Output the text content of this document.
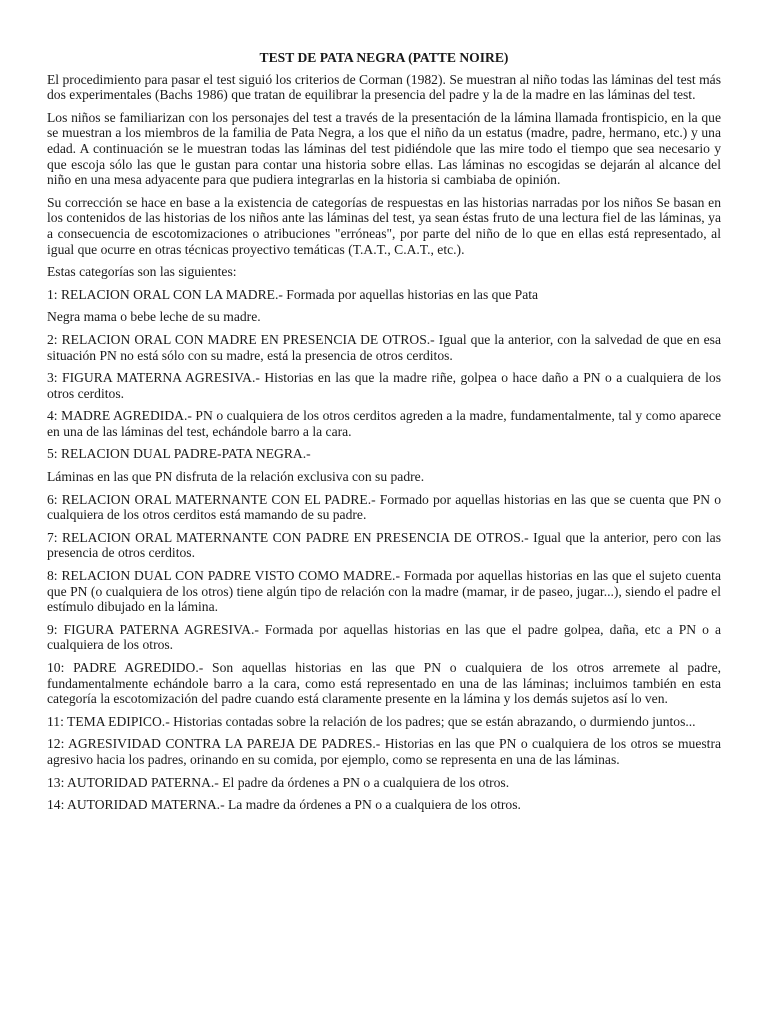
TEST DE PATA NEGRA (PATTE NOIRE)
El procedimiento para pasar el test siguió los criterios de Corman (1982). Se muestran al niño todas las láminas del test más dos experimentales (Bachs 1986) que tratan de equilibrar la presencia del padre y la de la madre en las láminas del test.
Los niños se familiarizan con los personajes del test a través de la presentación de la lámina llamada frontispicio, en la que se muestran a los miembros de la familia de Pata Negra, a los que el niño da un estatus (madre, padre, hermano, etc.) y una edad. A continuación se le muestran todas las láminas del test pidiéndole que las mire todo el tiempo que sea necesario y que escoja sólo las que le gustan para contar una historia sobre ellas. Las láminas no escogidas se dejarán al alcance del niño en una mesa adyacente para que pudiera integrarlas en la historia si cambiaba de opinión.
Su corrección se hace en base a la existencia de categorías de respuestas en las historias narradas por los niños Se basan en los contenidos de las historias de los niños ante las láminas del test, ya sean éstas fruto de una lectura fiel de las láminas, ya a consecuencia de escotomizaciones o atribuciones "erróneas", por parte del niño de lo que en ellas está representado, al igual que ocurre en otras técnicas proyectivo temáticas (T.A.T., C.A.T., etc.).
Estas categorías son las siguientes:
1: RELACION ORAL CON LA MADRE.- Formada por aquellas historias en las que Pata
Negra mama o bebe leche de su madre.
2: RELACION ORAL CON MADRE EN PRESENCIA DE OTROS.- Igual que la anterior, con la salvedad de que en esa situación PN no está sólo con su madre, está la presencia de otros cerditos.
3: FIGURA MATERNA AGRESIVA.- Historias en las que la madre riñe, golpea o hace daño a PN o a cualquiera de los otros cerditos.
4: MADRE AGREDIDA.- PN o cualquiera de los otros cerditos agreden a la madre, fundamentalmente, tal y como aparece en una de las láminas del test, echándole barro a la cara.
5: RELACION DUAL PADRE-PATA NEGRA.-
Láminas en las que PN disfruta de la relación exclusiva con su padre.
6: RELACION ORAL MATERNANTE CON EL PADRE.- Formado por aquellas historias en las que se cuenta que PN o cualquiera de los otros cerditos está mamando de su padre.
7: RELACION ORAL MATERNANTE CON PADRE EN PRESENCIA DE OTROS.- Igual que la anterior, pero con las presencia de otros cerditos.
8: RELACION DUAL CON PADRE VISTO COMO MADRE.- Formada por aquellas historias en las que el sujeto cuenta que PN (o cualquiera de los otros) tiene algún tipo de relación con la madre (mamar, ir de paseo, jugar...), siendo el padre el estímulo dibujado en la lámina.
9: FIGURA PATERNA AGRESIVA.- Formada por aquellas historias en las que el padre golpea, daña, etc a PN o a cualquiera de los otros.
10: PADRE AGREDIDO.- Son aquellas historias en las que PN o cualquiera de los otros arremete al padre, fundamentalmente echándole barro a la cara, como está representado en una de las láminas; incluimos también en esta categoría la escotomización del padre cuando está claramente presente en la lámina y los demás sujetos así lo ven.
11: TEMA EDIPICO.- Historias contadas sobre la relación de los padres; que se están abrazando, o durmiendo juntos...
12: AGRESIVIDAD CONTRA LA PAREJA DE PADRES.- Historias en las que PN o cualquiera de los otros se muestra agresivo hacia los padres, orinando en su comida, por ejemplo, como se representa en una de las láminas.
13: AUTORIDAD PATERNA.- El padre da órdenes a PN o a cualquiera de los otros.
14: AUTORIDAD MATERNA.- La madre da órdenes a PN o a cualquiera de los otros.
